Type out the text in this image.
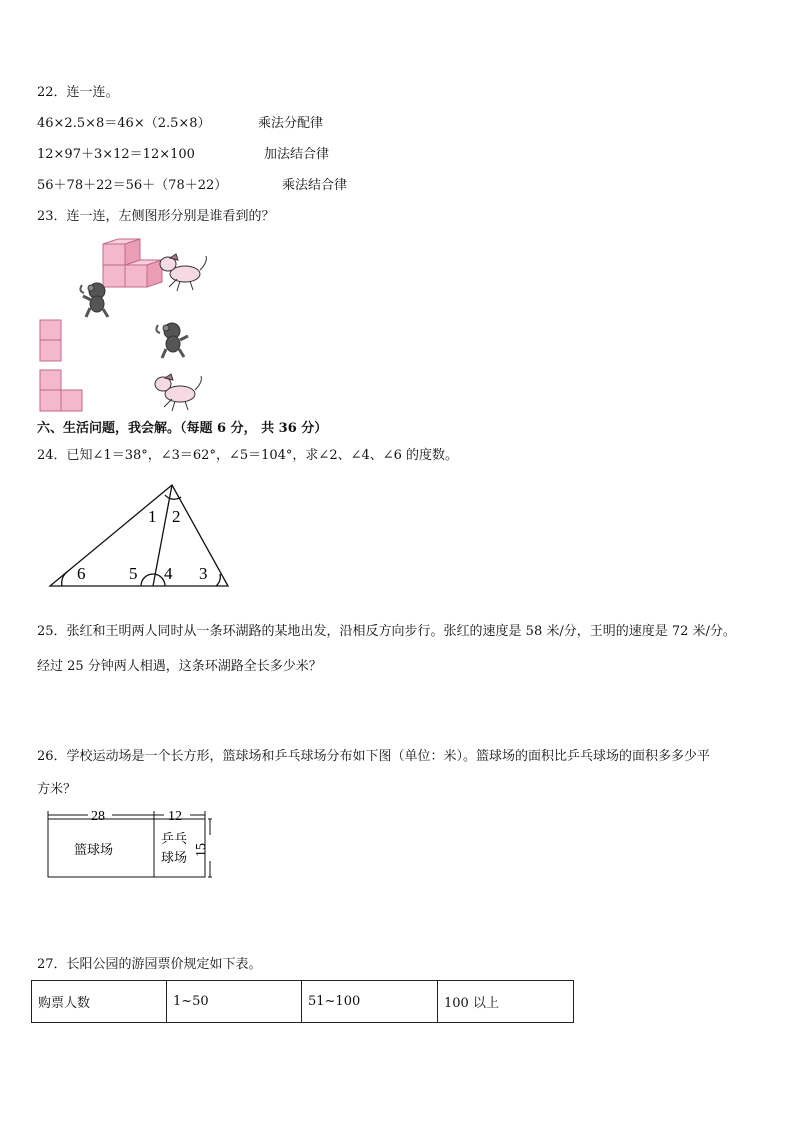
22．连一连。
46×2.5×8＝46×（2.5×8）	乘法分配律
12×97＋3×12＝12×100	加法结合律
56＋78＋22＝56＋（78＋22）	乘法结合律
23．连一连，左侧图形分别是谁看到的？
六、生活问题，我会解。（每题 6 分， 共 36 分）
24．已知∠1＝38°，∠3＝62°，∠5＝104°，求∠2、∠4、∠6 的度数。
1 2
3
4
5
6
25．张红和王明两人同时从一条环湖路的某地出发，沿相反方向步行。张红的速度是 58 米/分，王明的速度是 72 米/分。
经过 25 分钟两人相遇，这条环湖路全长多少米？
26．学校运动场是一个长方形，篮球场和乒乓球场分布如下图（单位：米）。篮球场的面积比乒乓球场的面积多多少平
方米？
28	12
15
篮球场
乒乓
球场
27．长阳公园的游园票价规定如下表。
购票人数	1~50	51~100	100 以上
